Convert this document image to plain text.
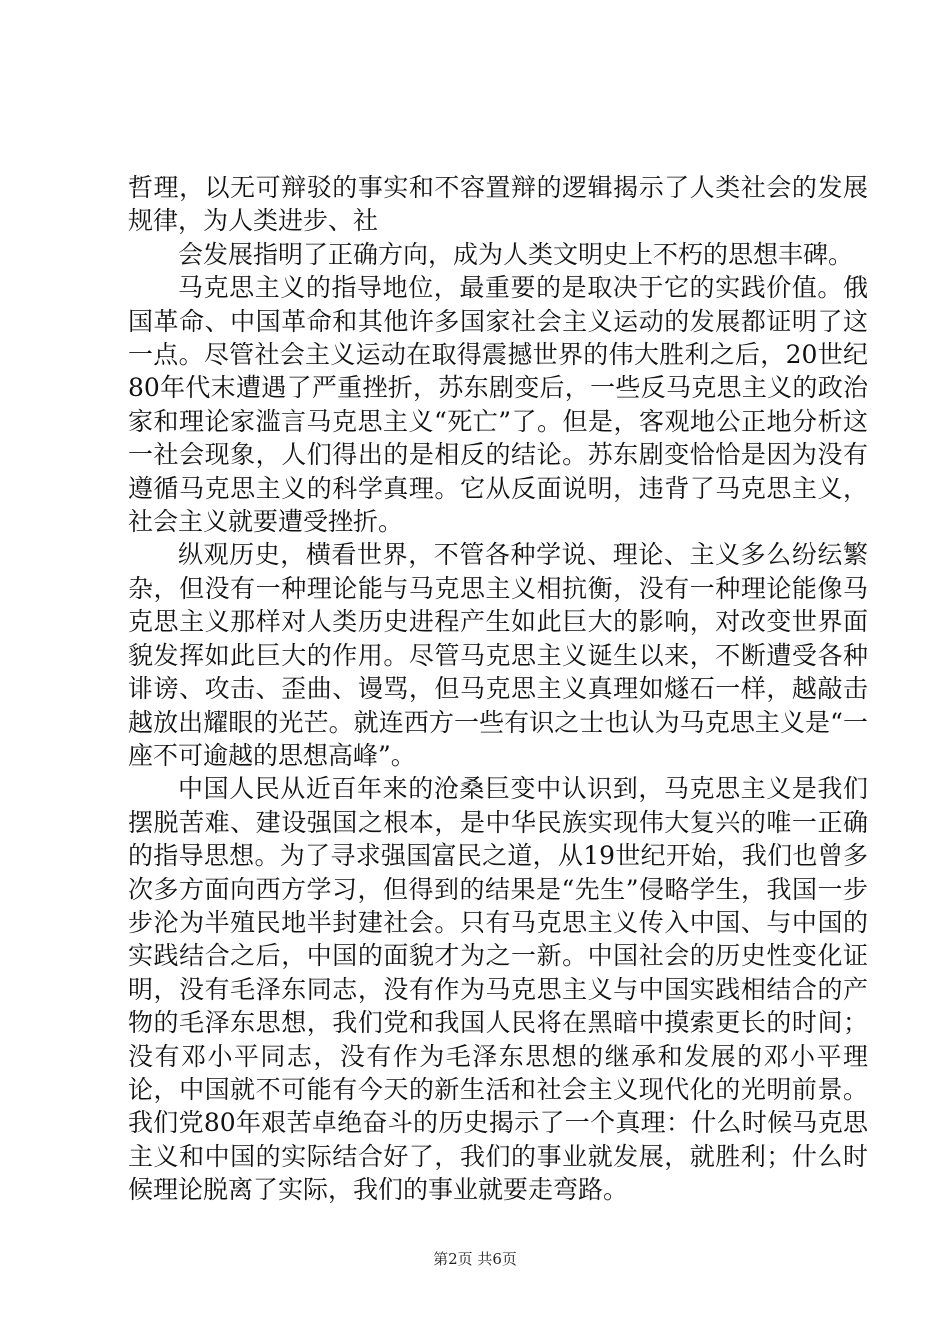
哲理，以无可辩驳的事实和不容置辩的逻辑揭示了人类社会的发展规律，为人类进步、社

会发展指明了正确方向，成为人类文明史上不朽的思想丰碑。

马克思主义的指导地位，最重要的是取决于它的实践价值。俄国革命、中国革命和其他许多国家社会主义运动的发展都证明了这一点。尽管社会主义运动在取得震撼世界的伟大胜利之后，20世纪80年代末遭遇了严重挫折，苏东剧变后，一些反马克思主义的政治家和理论家滥言马克思主义“死亡”了。但是，客观地公正地分析这一社会现象，人们得出的是相反的结论。苏东剧变恰恰是因为没有遵循马克思主义的科学真理。它从反面说明，违背了马克思主义，社会主义就要遭受挫折。

纵观历史，横看世界，不管各种学说、理论、主义多么纷纭繁杂，但没有一种理论能与马克思主义相抗衡，没有一种理论能像马克思主义那样对人类历史进程产生如此巨大的影响，对改变世界面貌发挥如此巨大的作用。尽管马克思主义诞生以来，不断遭受各种诽谤、攻击、歪曲、谩骂，但马克思主义真理如燧石一样，越敲击越放出耀眼的光芒。就连西方一些有识之士也认为马克思主义是“一座不可逾越的思想高峰”。

中国人民从近百年来的沧桑巨变中认识到，马克思主义是我们摆脱苦难、建设强国之根本，是中华民族实现伟大复兴的唯一正确的指导思想。为了寻求强国富民之道，从19世纪开始，我们也曾多次多方面向西方学习，但得到的结果是“先生”侵略学生，我国一步步沦为半殖民地半封建社会。只有马克思主义传入中国、与中国的实践结合之后，中国的面貌才为之一新。中国社会的历史性变化证明，没有毛泽东同志，没有作为马克思主义与中国实践相结合的产物的毛泽东思想，我们党和我国人民将在黑暗中摸索更长的时间；没有邓小平同志，没有作为毛泽东思想的继承和发展的邓小平理论，中国就不可能有今天的新生活和社会主义现代化的光明前景。我们党80年艰苦卓绝奋斗的历史揭示了一个真理：什么时候马克思主义和中国的实际结合好了，我们的事业就发展，就胜利；什么时候理论脱离了实际，我们的事业就要走弯路。

第2页 共6页
